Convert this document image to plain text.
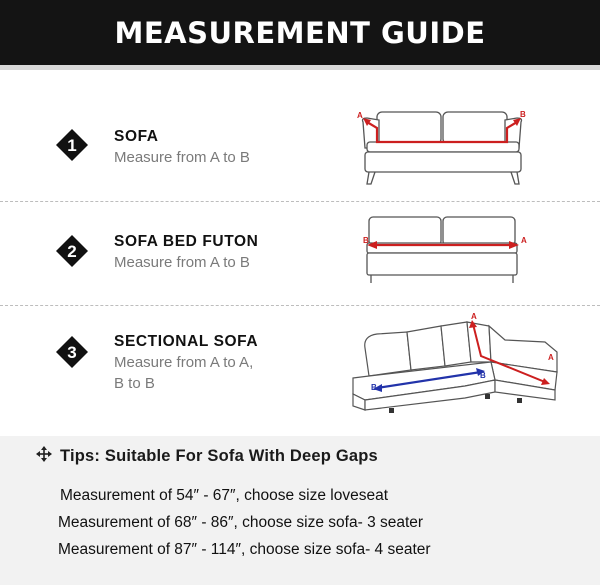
MEASUREMENT GUIDE
1 SOFA
Measure from A to B
A	B
2
SOFA BED FUTON
Measure from A to B
B	A
3
SECTIONAL SOFA
Measure from A to A,
B to B
A
A
B
B
Tips: Suitable For Sofa With Deep Gaps
Measurement of 54″ - 67″, choose size loveseat
Measurement of 68″ - 86″, choose size sofa- 3 seater
Measurement of 87″ - 114″, choose size sofa- 4 seater
